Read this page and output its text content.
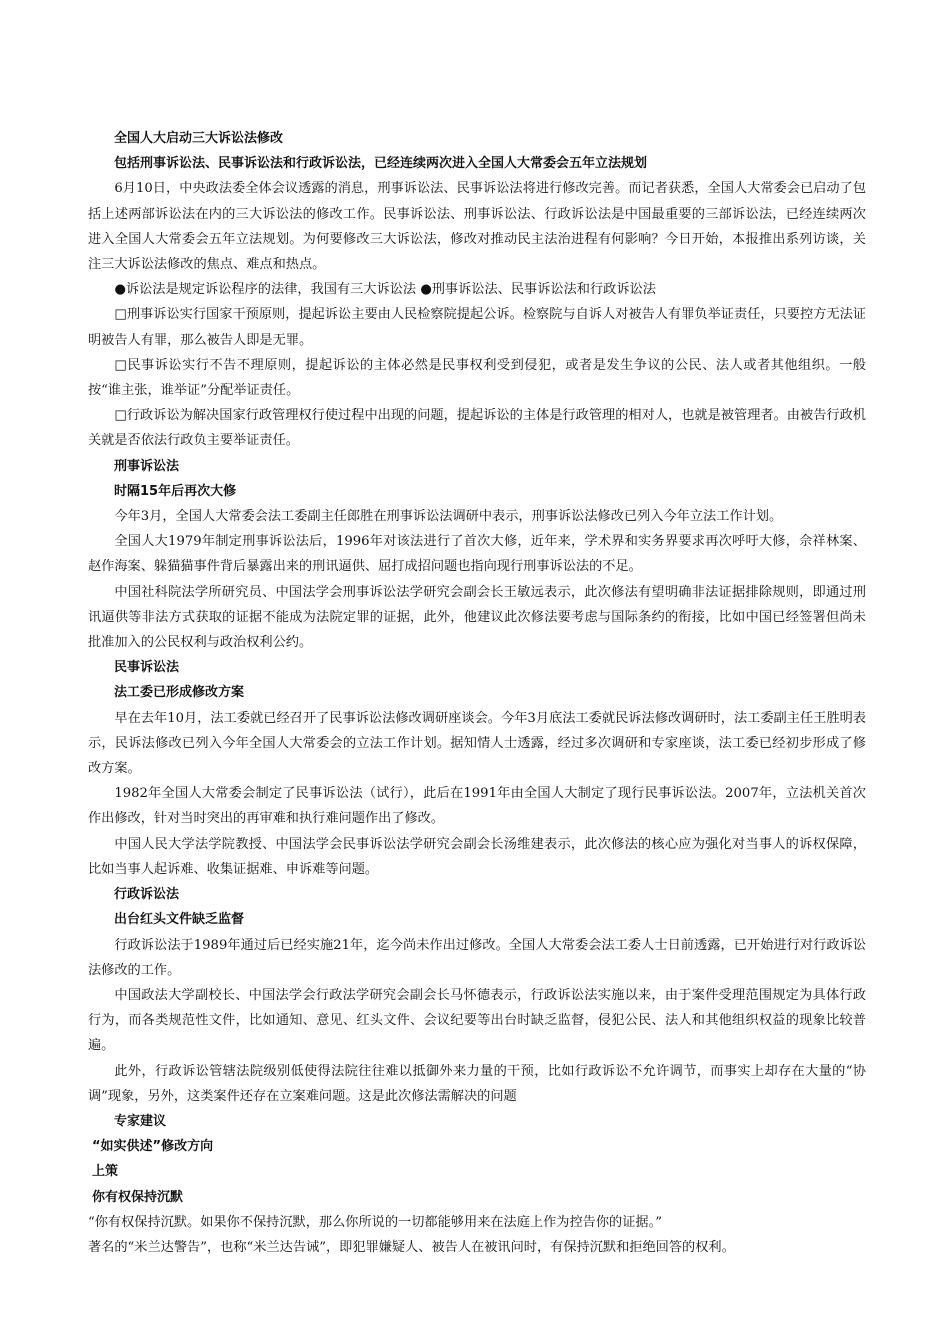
全国人大启动三大诉讼法修改

包括刑事诉讼法、民事诉讼法和行政诉讼法，已经连续两次进入全国人大常委会五年立法规划

6月10日，中央政法委全体会议透露的消息，刑事诉讼法、民事诉讼法将进行修改完善。而记者获悉，全国人大常委会已启动了包括上述两部诉讼法在内的三大诉讼法的修改工作。民事诉讼法、刑事诉讼法、行政诉讼法是中国最重要的三部诉讼法，已经连续两次进入全国人大常委会五年立法规划。为何要修改三大诉讼法，修改对推动民主法治进程有何影响？今日开始，本报推出系列访谈，关注三大诉讼法修改的焦点、难点和热点。

●诉讼法是规定诉讼程序的法律，我国有三大诉讼法 ●刑事诉讼法、民事诉讼法和行政诉讼法

□刑事诉讼实行国家干预原则，提起诉讼主要由人民检察院提起公诉。检察院与自诉人对被告人有罪负举证责任，只要控方无法证明被告人有罪，那么被告人即是无罪。

□民事诉讼实行不告不理原则，提起诉讼的主体必然是民事权利受到侵犯，或者是发生争议的公民、法人或者其他组织。一般按“谁主张，谁举证”分配举证责任。

□行政诉讼为解决国家行政管理权行使过程中出现的问题，提起诉讼的主体是行政管理的相对人，也就是被管理者。由被告行政机关就是否依法行政负主要举证责任。

刑事诉讼法

时隔15年后再次大修

今年3月，全国人大常委会法工委副主任郎胜在刑事诉讼法调研中表示，刑事诉讼法修改已列入今年立法工作计划。

全国人大1979年制定刑事诉讼法后，1996年对该法进行了首次大修，近年来，学术界和实务界要求再次呼吁大修，佘祥林案、赵作海案、躲猫猫事件背后暴露出来的刑讯逼供、屈打成招问题也指向现行刑事诉讼法的不足。

中国社科院法学所研究员、中国法学会刑事诉讼法学研究会副会长王敏远表示，此次修法有望明确非法证据排除规则，即通过刑讯逼供等非法方式获取的证据不能成为法院定罪的证据，此外，他建议此次修法要考虑与国际条约的衔接，比如中国已经签署但尚未批准加入的公民权利与政治权利公约。

民事诉讼法

法工委已形成修改方案

早在去年10月，法工委就已经召开了民事诉讼法修改调研座谈会。今年3月底法工委就民诉法修改调研时，法工委副主任王胜明表示，民诉法修改已列入今年全国人大常委会的立法工作计划。据知情人士透露，经过多次调研和专家座谈，法工委已经初步形成了修改方案。

1982年全国人大常委会制定了民事诉讼法（试行），此后在1991年由全国人大制定了现行民事诉讼法。2007年，立法机关首次作出修改，针对当时突出的再审难和执行难问题作出了修改。

中国人民大学法学院教授、中国法学会民事诉讼法学研究会副会长汤维建表示，此次修法的核心应为强化对当事人的诉权保障，比如当事人起诉难、收集证据难、申诉难等问题。

行政诉讼法

出台红头文件缺乏监督

行政诉讼法于1989年通过后已经实施21年，迄今尚未作出过修改。全国人大常委会法工委人士日前透露，已开始进行对行政诉讼法修改的工作。

中国政法大学副校长、中国法学会行政法学研究会副会长马怀德表示，行政诉讼法实施以来，由于案件受理范围规定为具体行政行为，而各类规范性文件，比如通知、意见、红头文件、会议纪要等出台时缺乏监督，侵犯公民、法人和其他组织权益的现象比较普遍。

此外，行政诉讼管辖法院级别低使得法院往往难以抵御外来力量的干预，比如行政诉讼不允许调节，而事实上却存在大量的“协调”现象，另外，这类案件还存在立案难问题。这是此次修法需解决的问题

专家建议

“如实供述”修改方向

上策

你有权保持沉默

“你有权保持沉默。如果你不保持沉默，那么你所说的一切都能够用来在法庭上作为控告你的证据。”

著名的“米兰达警告”，也称“米兰达告诫”，即犯罪嫌疑人、被告人在被讯问时，有保持沉默和拒绝回答的权利。
